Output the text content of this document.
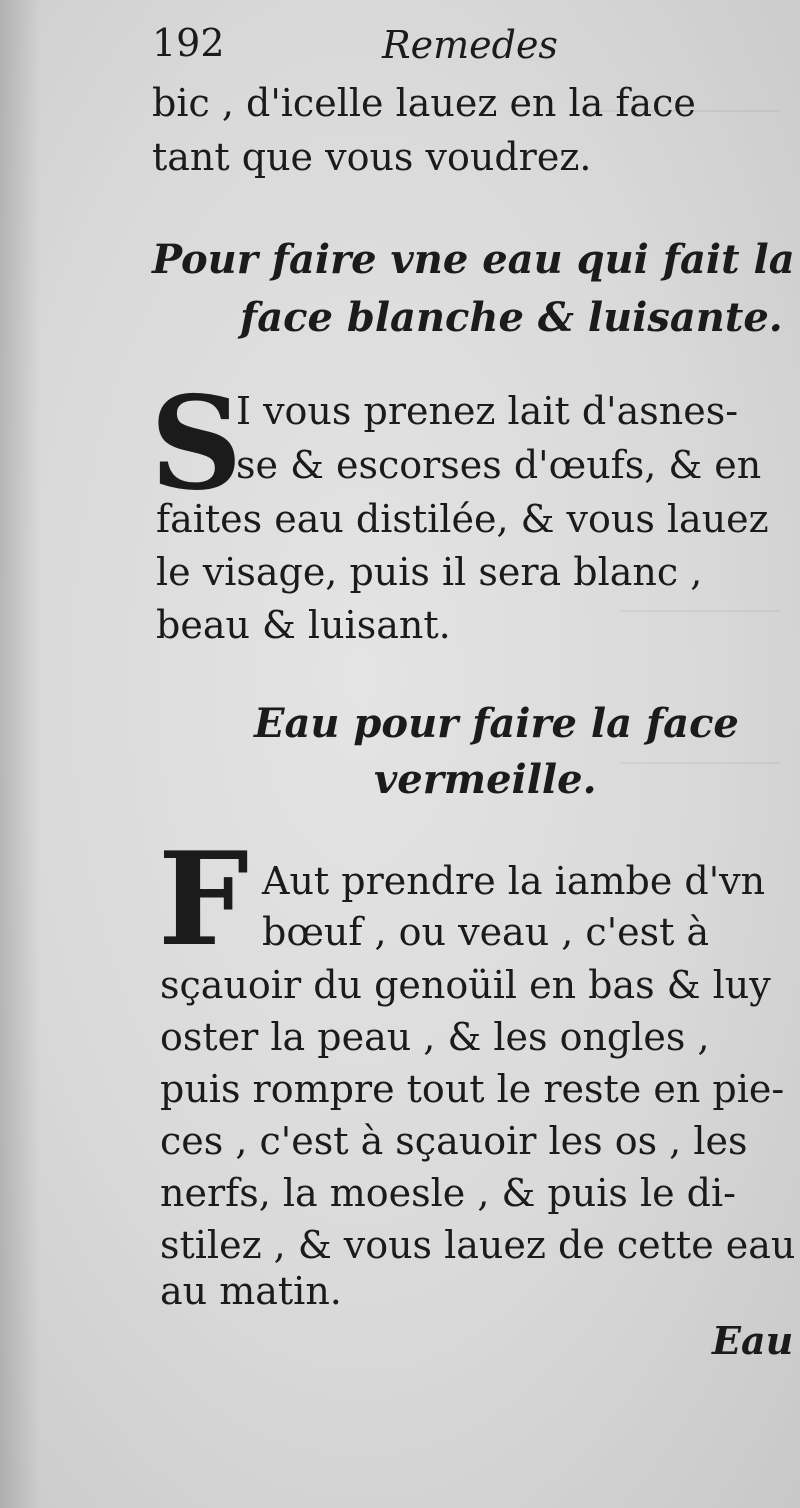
192	Remedes
bic , d'icelle lauez en la face
tant que vous voudrez.
Pour faire vne eau qui fait la
face blanche & luisante.
S
I vous prenez lait d'asnes-
se & escorses d'œufs, & en
faites eau distilée, & vous lauez
le visage, puis il sera blanc ,
beau & luisant.
Eau pour faire la face
vermeille.
F Aut prendre la iambe d'vn
bœuf , ou veau , c'est à
sçauoir du genoüil en bas & luy
oster la peau , & les ongles ,
puis rompre tout le reste en pie-
ces , c'est à sçauoir les os , les
nerfs, la moesle , & puis le di-
stilez , & vous lauez de cette eau
au matin.
Eau
